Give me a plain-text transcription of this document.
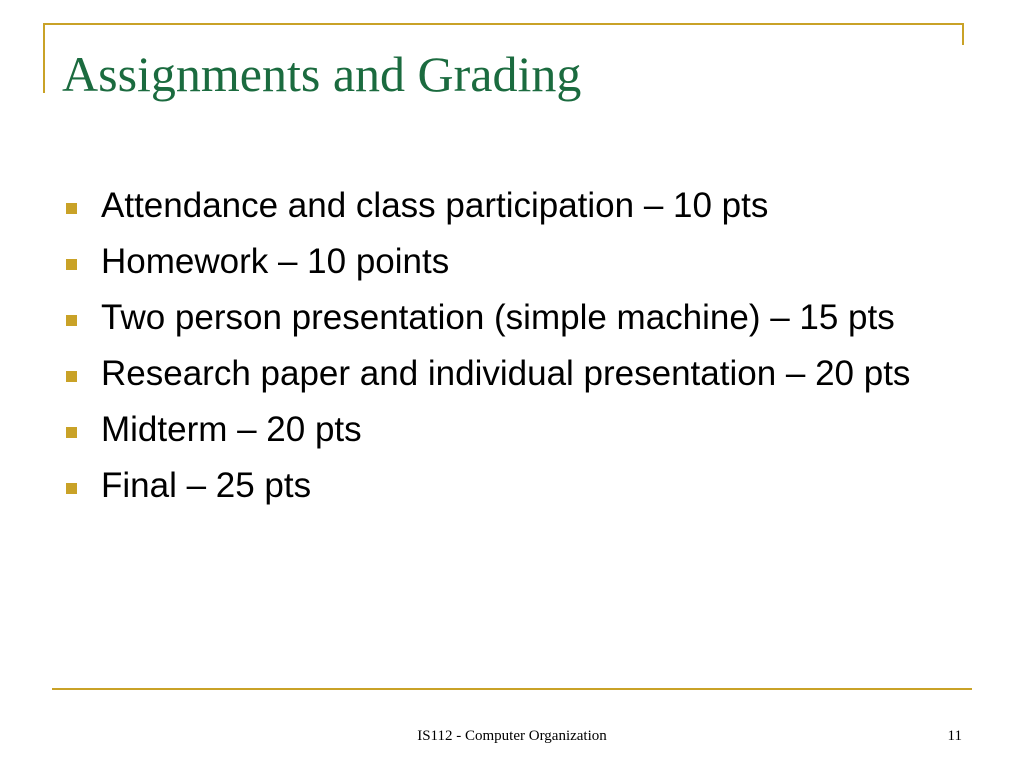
Assignments and Grading
Attendance and class participation – 10 pts
Homework – 10 points
Two person presentation (simple machine) – 15 pts
Research paper and individual presentation – 20 pts
Midterm – 20 pts
Final – 25 pts
IS112 - Computer Organization	11
